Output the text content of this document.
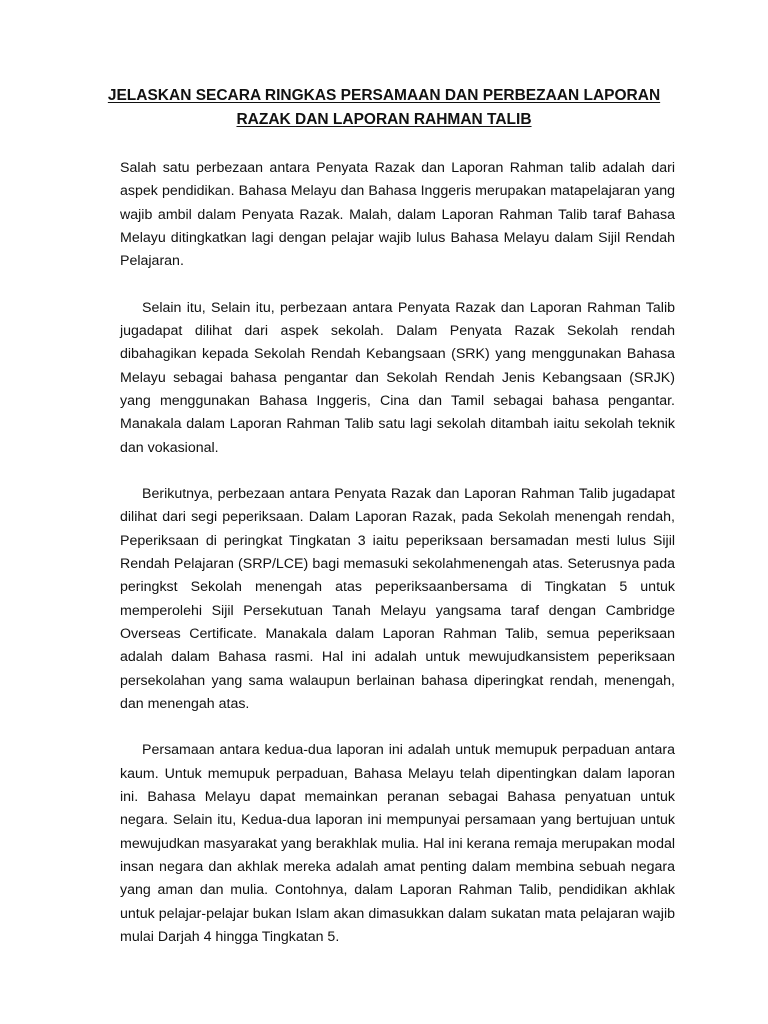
JELASKAN SECARA RINGKAS PERSAMAAN DAN PERBEZAAN LAPORAN
RAZAK DAN LAPORAN RAHMAN TALIB

Salah satu perbezaan antara Penyata Razak dan Laporan Rahman talib adalah dari aspek pendidikan. Bahasa Melayu dan Bahasa Inggeris merupakan matapelajaran yang wajib ambil dalam Penyata Razak. Malah, dalam Laporan Rahman Talib taraf Bahasa Melayu ditingkatkan lagi dengan pelajar wajib lulus Bahasa Melayu dalam Sijil Rendah Pelajaran.

Selain itu, Selain itu, perbezaan antara Penyata Razak dan Laporan Rahman Talib jugadapat dilihat dari aspek sekolah. Dalam Penyata Razak Sekolah rendah dibahagikan kepada Sekolah Rendah Kebangsaan (SRK) yang menggunakan Bahasa Melayu sebagai bahasa pengantar dan Sekolah Rendah Jenis Kebangsaan (SRJK) yang menggunakan Bahasa Inggeris, Cina dan Tamil sebagai bahasa pengantar. Manakala dalam Laporan Rahman Talib satu lagi sekolah ditambah iaitu sekolah teknik dan vokasional.

Berikutnya, perbezaan antara Penyata Razak dan Laporan Rahman Talib jugadapat dilihat dari segi peperiksaan. Dalam Laporan Razak, pada Sekolah menengah rendah, Peperiksaan di peringkat Tingkatan 3 iaitu peperiksaan bersamadan mesti lulus Sijil Rendah Pelajaran (SRP/LCE) bagi memasuki sekolahmenengah atas. Seterusnya pada peringkst Sekolah menengah atas peperiksaanbersama di Tingkatan 5 untuk memperolehi Sijil Persekutuan Tanah Melayu yangsama taraf dengan Cambridge Overseas Certificate. Manakala dalam Laporan Rahman Talib, semua peperiksaan adalah dalam Bahasa rasmi. Hal ini adalah untuk mewujudkansistem peperiksaan persekolahan yang sama walaupun berlainan bahasa diperingkat rendah, menengah, dan menengah atas.

Persamaan antara kedua-dua laporan ini adalah untuk memupuk perpaduan antara kaum. Untuk memupuk perpaduan, Bahasa Melayu telah dipentingkan dalam laporan ini. Bahasa Melayu dapat memainkan peranan sebagai Bahasa penyatuan untuk negara. Selain itu, Kedua-dua laporan ini mempunyai persamaan yang bertujuan untuk mewujudkan masyarakat yang berakhlak mulia. Hal ini kerana remaja merupakan modal insan negara dan akhlak mereka adalah amat penting dalam membina sebuah negara yang aman dan mulia. Contohnya, dalam Laporan Rahman Talib, pendidikan akhlak untuk pelajar-pelajar bukan Islam akan dimasukkan dalam sukatan mata pelajaran wajib mulai Darjah 4 hingga Tingkatan 5.
